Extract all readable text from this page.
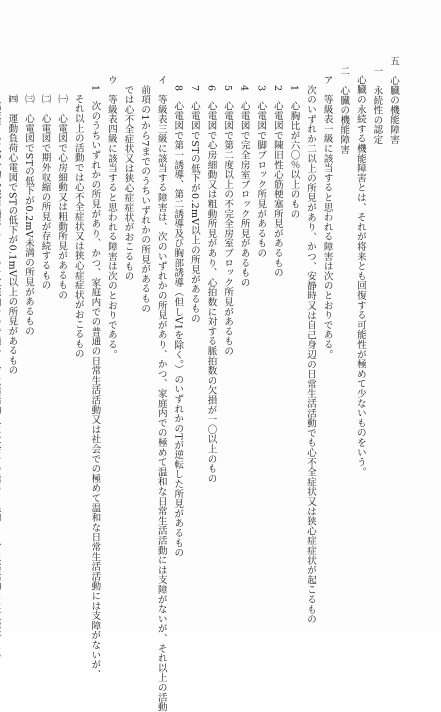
五　心臓の機能障害
一　永続性の認定
心臓の永続する機能障害とは、それが将来とも回復する可能性が極めて少ないものをいう。
二　心臓の機能障害
ア　等級表一級に該当すると思われる障害は次のとおりである。
次のいずれか二以上の所見があり、かつ、安静時又は自己身辺の日常生活活動でも心不全症状又は狭心症症状が起こるもの
1　心胸比が六〇％以上のもの
2　心電図で陳旧性心筋梗塞所見があるもの
3　心電図で脚ブロック所見があるもの
4　心電図で完全房室ブロック所見があるもの
5　心電図で第二度以上の不完全房室ブロック所見があるもの
6　心電図で心房細動又は粗動所見があり、心拍数に対する脈拍数の欠損が一〇以上のもの
7　心電図でSTの低下が0.2mV以上の所見があるもの
8　心電図で第一誘導、第二誘導及び胸部誘導（但しV1を除く。）のいずれかのTが逆転した所見があるもの
イ　等級表三級に該当する障害は、次のいずれかの所見があり、かつ、家庭内での極めて温和な日常生活活動には支障がないが、それ以上の活動
前項の1から7までのうちいずれかの所見があるもの
では心不全症状又は狭心症症状がおこるもの
ウ　等級表四級に該当すると思われる障害は次のとおりである。
1　次のうちいずれかの所見があり、かつ、家庭内での普通の日常生活活動又は社会での極めて温和な日常生活活動には支障がないが、
それ以上の活動では心不全症状又は狭心症症状がおこるもの
㈠　心電図で心房細動又は粗動所見があるもの
㈡　心電図で期外収縮の所見が存続するもの
㈢　心電図でSTの低下が0.2mV未満の所見があるもの
㈣　運動負荷心電図でSTの低下が0.1mV以上の所見があるもの
